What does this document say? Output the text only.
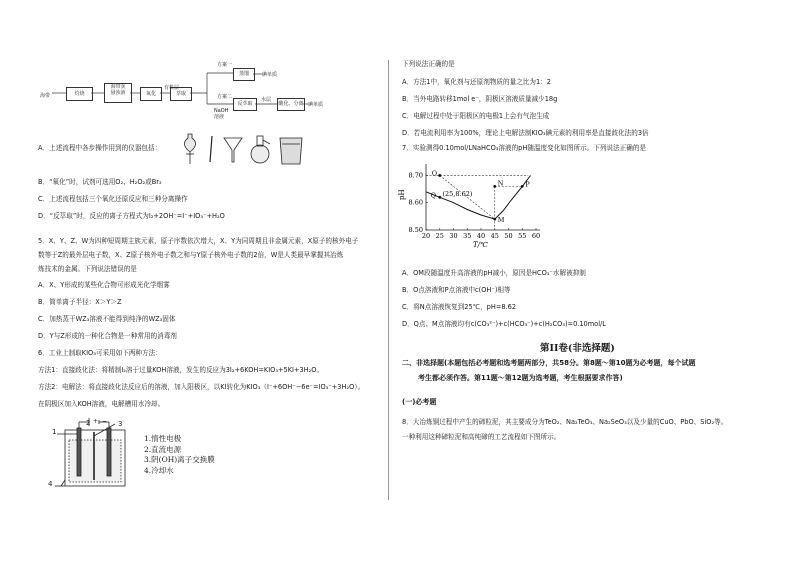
海带	灼烧
海带灰
悬浊液	氧化	萃取
有机层
方案一
蒸馏	碘单质
方案二
NaOH
溶液
反萃取
水层
酸化、分离 碘单质
A．上述流程中各步操作用到的仪器包括：
B．“氧化”时，试剂可选用O₂、H₂O₂或Br₂
C．上述流程包括三个氧化还原反应和三种分离操作
D．“反萃取”时，反应的离子方程式为I₂+2OH⁻=I⁻+IO₃⁻+H₂O
5．X、Y、Z、W为四种短周期主族元素，原子序数依次增大，X、Y为同周期且非金属元素，X原子的核外电子
数等于Z的最外层电子数，X、Z原子核外电子数之和与Y原子核外电子数的2倍，W是人类最早掌握其冶炼
炼技术的金属。下列说法错误的是
A．X、Y形成的某些化合物可形成光化学烟雾
B．简单离子半径：X＞Y＞Z
C．加热蒸干WZ₃溶液不能得到纯净的WZ₃固体
D．Y与Z形成的一种化合物是一种常用的消毒剂
6．工业上制取KIO₃可采用如下两种方法：
方法1：直接歧化法：将精制I₂溶于过量KOH溶液，发生的反应为3I₂+6KOH=KIO₃+5KI+3H₂O。
方法2：电解法：将直接歧化法反应后的溶液，加入阳极区，以KI转化为KIO₃（I⁻+6OH⁻−6e⁻=IO₃⁻+3H₂O）。
在阴极区加入KOH溶液，电解槽用水冷却。
1
2 + − 3
4
1.惰性电极
2.直流电源
3.阴(OH)离子交换膜
4.冷却水
下列说法正确的是
A．方法1中，氧化剂与还原剂物质的量之比为1：2
B．当外电路转移1mol e⁻，阴极区溶液质量减少18g
C．电解过程中处于阳极区的电极1上会有气泡生成
D．若电流利用率为100%，理论上电解法制KIO₃碘元素的利用率是直接歧化法的3倍
7．实验测得0.10mol/LNaHCO₃溶液的pH随温度变化如图所示。下列说法正确的是
20 25 30 35 40 45 50 55 60
8.50
8.60
8.70
pH
T/℃
O
Q
M
N	P
(25,8.62)
A．OM段随温度升高溶液的pH减小，原因是HCO₃⁻水解被抑制
B．O点溶液和P点溶液中c(OH⁻)相等
C．将N点溶液恢复到25℃，pH=8.62
D．Q点、M点溶液均有c(CO₃²⁻)+c(HCO₃⁻)+c(H₂CO₃)=0.10mol/L
第II卷(非选择题)
二、非选择题(本题包括必考题和选考题两部分，共58分。第8题～第10题为必考题，每个试题
考生都必须作答。第11题～第12题为选考题，考生根据要求作答)
(一)必考题
8．大冶炼铜过程中产生的碲粒泥，其主要成分为TeO₂、Na₂TeO₃、Na₂SeO₃以及少量的CuO、PbO、SiO₂等。
一种利用这种碲粒泥和高纯碲的工艺流程如下图所示。
